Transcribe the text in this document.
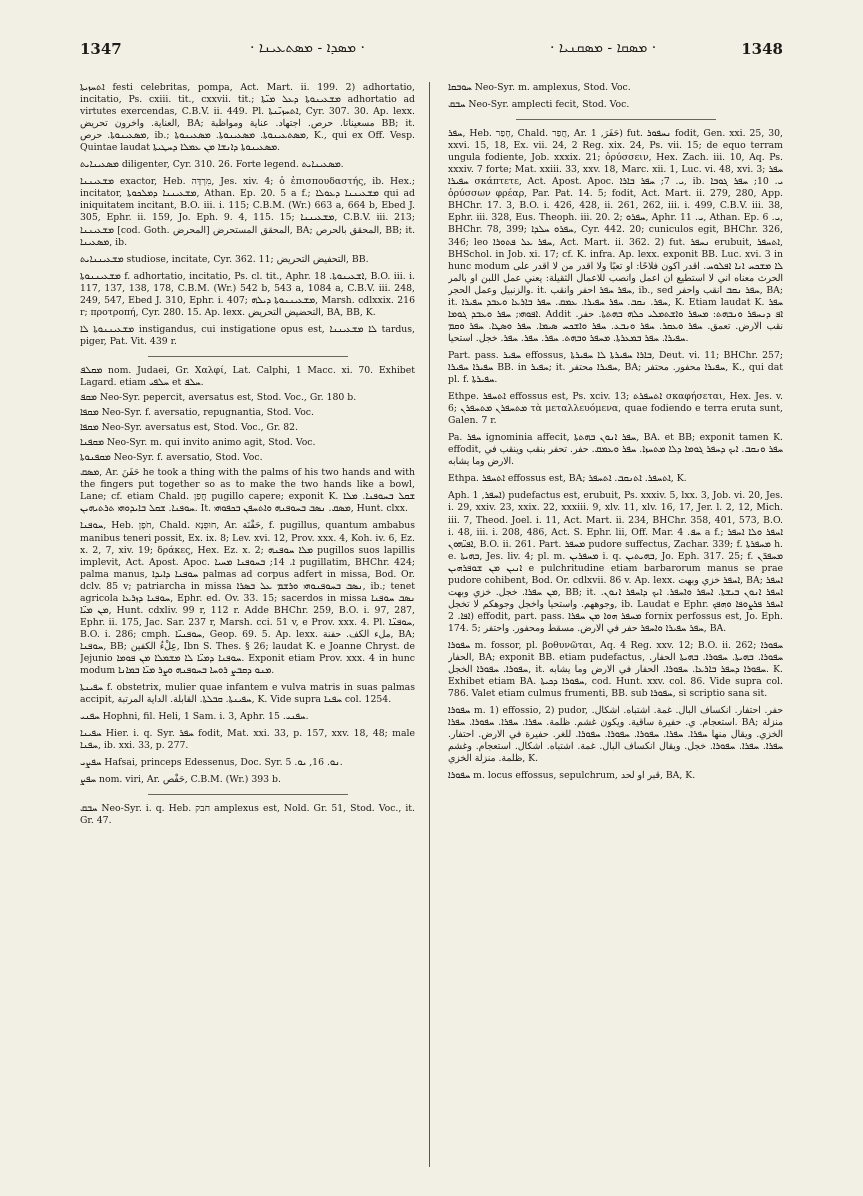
1347	· ܡܣܕܐ - ܡܣܬܥܝܢܐ ·	· ܡܣܩܐ - ܡܣܩܢܝܐ ·	1348

ܐܬܚܙܝܬܐ festi celebritas, pompa, Act. Mart. ii. 199. 2) adhortatio, incitatio, Ps. cxiii. tit., cxxvii. tit.; ܡܫܥܝܢܘܬܐ ܕܥܠ ܡܝ̈ܬܐ adhortatio ad virtutes exercendas, C.B.V. ii. 449. Pl. ܐܬܚܙܝ̈ܢܬܐ, Cyr. 307. 30. Ap. lexx. العناية. واخرون تحريض, BA; مسعيناتا. حرص. اجتهاد. عناية ومواظبة BB; it. ܡܣܥܝܢܘܬܐ. حرص, ib.; ܡܣܬܥܝܢܘܬܐ. ܡܣܥܝܢܘܬܐ. ܡܣܥܝܢܘܬܐ, K., qui ex Off. Vesp. Quintae laudat ܡܣܥܝܢܘܬܐ ܕܐܢܫܐ ܡܢ ܥܡܠܐ ܕܚܛܝܬܐ.

ܡܣܥܝܢܐܝܬ diligenter, Cyr. 310. 26. Forte legend. ܡܣܥܝܢܐܝܬ.

ܡܫܥܝܢܢܐ exactor, Heb. מִרְדָּה, Jes. xiv. 4; ὁ ἐπισπουδαστής, ib. Hex.; incitator, ܡܫܥܝܢܢܐ ܕܡܠܟܘܬܐ, Athan. Ep. 20. 5 a f.; ܡܫܥܝܢܢܐ ܕܥܘܠܐ qui ad iniquitatem incitant, B.O. iii. i. 115; C.B.M. (Wr.) 663 a, 664 b, Ebed J. 305, Ephr. ii. 159, Jo. Eph. 9. 4, 115. 15; ܡܫܥܝܢܢܐ, C.B.V. iii. 213; ܡܫܥܝܢܢܐ [cod. Goth. المحرض] المحقق المستحرض, BA; المحقق بالحرص, BB; it. ܡܣܥܝܢܐ, ib.

ܡܫܥܝܢܢܐܝܬ studiose, incitate, Cyr. 362. 11; التحفيض التحريض, BB.

ܡܫܥܝܢܢܘܬܐ f. adhortatio, incitatio, Ps. cl. tit., Aphr. ܐܫܥܝܢܘܬܐ. 18, B.O. iii. i. 117, 137, 138, 178, C.B.M. (Wr.) 542 b, 543 a, 1084 a, C.B.V. iii. 248, 249, 547, Ebed J. 310, Ephr. i. 407; ܡܫܥܝܢܢܘܬܐ ܕܝܠܗ, Marsh. cdlxxix. 216 r; προτροπή, Cyr. 280. 15. Ap. lexx. التحضيض التحريض, BA, BB, K.

ܡܫܥܝܢܢܘܬܐ ܠܐ instigandus, cui instigatione opus est, ܠܐ ܡܫܥܝܢܢܐ tardus, piger, Pat. Vit. 439 r.

ܡܩܠܦ nom. Judaei, Gr. Χαλφί, Lat. Calphi, 1 Macc. xi. 70. Exhibet Lagard. etiam ܚܠܦܝ et ܚܠܦ.

ܡܩܦ Neo-Syr. pepercit, aversatus est, Stod. Voc., Gr. 180 b.

ܡܩܦܐ Neo-Syr. f. aversatio, repugnantia, Stod. Voc.

ܡܩܦܐ Neo-Syr. aversatus est, Stod. Voc., Gr. 82.

ܡܩܦܢܐ Neo-Syr. m. qui invito animo agit, Stod. Voc.

ܡܩܦܢܘܬܐ Neo-Syr. f. aversatio, Stod. Voc.

ܡܣܩ, Ar. حَفَنَ he took a thing with the palms of his two hands and with the fingers put together so as to make the two hands like a bowl, Lane; cf. etiam Chald. חֲפַן pugillo capere; exponit K. ܫܩܠ ܒܚܘܦܢܐ. ܡܠܐ ܚܘܦܢܐ. ܫܩܠ ܒܐܝܕܘܗܝ ܬܪܬܝܗܝܢ. It. ܡܣܩ. ܢܣܒ ܒܚܘܦܢܗ ܘܐܬܚܦܢ ܒܟܦܘܗܝ, Hunt. clxx.

ܚܘܦܢܐ, Heb. חֹפֶן, Chald. חוּפְנָא, Ar. حَفْنَة, f. pugillus, quantum ambabus manibus teneri possit, Ex. ix. 8; Lev. xvi. 12, Prov. xxx. 4, Koh. iv. 6, Ez. x. 2, 7, xiv. 19; δράκες, Hex. Ez. x. 2; ܡܠܐ ܚܘܦܢܗ pugillos suos lapillis implevit, Act. Apost. Apoc. ܐ. 14; ܒܚܘܦܢܐ ܡܚܝܐ pugillatim, BHChr. 424; palma manus, ܚܘܦܢܐ ܕܐܝܕܐ palmas ad corpus adfert in missa, Bod. Or. dclv. 85 v; patriarcha in missa ܢܣܒ ܒܚܘܦܢܘܗܝ ܘܪܫܡ ܥܠ ܒܣܪܐ, ib.; tenet agricola ܚܘܦܢܐ ܕܙܪܥܐ, Ephr. ed. Ov. 33. 15; sacerdos in missa ܢܣܒ ܚܘܦܢܐ ܡܢ ܡܝ̈ܐ, Hunt. cdxliv. 99 r, 112 r. Adde BHChr. 259, B.O. i. 97, 287, Ephr. ii. 175, Jac. Sar. 237 r, Marsh. cci. 51 v, e Prov. xxx. 4. Pl. ܚܘܦܢ̈ܐ, B.O. i. 286; cmph. ܚܘܦܢܝ̈ܐ, Geop. 69. 5. Ap. lexx. ملء الكف. حفنة, BA; ܚܘܦܢܐ, BB; عِلْءُ الكفين, Ibn S. Thes. § 26; laudat K. e Joanne Chryst. de Jejunio ܚܘܦܢܐ ܕܡܝ̈ܐ ܠܐ ܡܫܡܠܐ ܡܢ ܦܘܡܐ. Exponit etiam Prov. xxx. 4 in hunc modum ܡܢܘ ܕܩܒܨ ܪܘܚܐ ܒܚܘܦܢܗ ܘܨܪ ܡܝ̈ܐ ܒܡܐܢܐ.

ܚܦܝܢܬܐ f. obstetrix, mulier quae infantem e vulva matris in suas palmas accipit, ܚܦܝܢܬܐ. ܩܒܠܬܐ. القابلة. الداية المرتبة, K. Vide supra ܚܦܢܐ col. 1254.

ܚܦܢܝ Hophni, fil. Heli, 1 Sam. i. 3, Aphr. ܚܦܢܝ. 15.

ܚܦܝܢܐ Hier. i. q. Syr. ܚܦܪ fodit, Mat. xxi. 33, p. 157, xxv. 18, 48; male ܚܦܢܐ, ib. xxi. 33, p. 277.

ܚܦܨܝ Hafsai, princeps Edessenus, Doc. Syr. ܢܘ. 16, ܝܘ. 5.

ܚܦܨ nom. viri, Ar. حَفْص, C.B.M. (Wr.) 393 b.

ܚܒܩ Neo-Syr. i. q. Heb. חבק amplexus est, Nold. Gr. 51, Stod. Voc., it. Gr. 47.

ܚܘܒܩܐ Neo-Syr. m. amplexus, Stod. Voc.

ܚܒܩ Neo-Syr. amplecti fecit, Stod. Voc.

ܚܦܪ, Heb. חָפַר, Chald. חֲפַר, Ar. حَفَرَ, 1) fut. ܢܚܦܘܪ fodit, Gen. xxi. 25, 30, xxvi. 15, 18, Ex. vii. 24, 2 Reg. xix. 24, Ps. vii. 15; de equo terram ungula fodiente, Job. xxxix. 21; ὀρύσσειν, Hex. Zach. iii. 10, Aq. Ps. xxxiv. 7 forte; Mat. xxiii. 33, xxv. 18, Marc. xii. 1, Luc. vi. 48, xvi. 3; ܚܦܪ ܚܦܝܪܐ σκάπτετε, Act. Apost. Apoc. ܝ. 7; ܚܦܪ ܒܐܪܐ, ib. ܝ. 10; ܚܦܪ ܓܘܒܐ ὀρύσσων φρέαρ, Par. Pat. 14. 5; fodit, Act. Mart. ii. 279, 280, App. BHChr. 17. 3, B.O. i. 426, 428, ii. 261, 262, iii. i. 499, C.B.V. iii. 38, Ephr. iii. 328, Eus. Theoph. iii. 20. 2; ܚܦܪܘ, Aphr. ܝ. 11, Athan. Ep. ܝ. 6, BHChr. 78, 399; ܚܦܪܘ ܚܠܕܐ, Cyr. 442. 20; cuniculos egit, BHChr. 326, 346; leo ܚܦܪ ܥܠ ܦܬܘܪܐ, Act. Mart. ii. 362. 2) fut. ܢܚܦܪ erubuit, ܐܬܚܦܪ, BHSchol. in Job. xi. 17; cf. K. infra. Ap. lexx. exponit BB. Luc. xvi. 3 in hunc modum ܠܐ ܡܫܟܚ ܐܢܐ ܐܦܠܘܚ. اقدر اكون فلاحًا: او تعبًا ولا اقدر من لا اقدر على الحرث معناه اني لا استطيع ان اعمل وانصب للاعمال الثقيلة: يعني عمل اللبن او بالمر والزنبيل وعمل الحجر. it. ܚܦܪ ܚܦܪ احفر وانقب, ib., sed ܚܦܪ ܢܩܒ انقب واحفر, BA; it. ܚܦܪ. ܢܩܒ. ܚܦܪ ܚܦܝܪܐ. ܥܡܩ. ܚܦܪ ܒܐܪܥܐ ܘܥܒܕ ܚܦܝܪܐ, K. Etiam laudat K. ܚܦܪ ܐܦܘܗܝ; ܚܦܪ ܘܥܒܕ ܓܘܡܐ. Addit ܐܦ ܕܢܚܦܪ ܘܢܒܗܬ: ܡܚܦܪ ܘܐܫܬܡܠܝ ܟܠܗ ܒܗܬܬܐ. حفر. نقب الارض. تعمق. ܚܦܪ ܘܥܩܪ. ܚܦܪ ܘܢܒܥ. ܚܦܪ ܘܐܫܟܚ ܣܝܡܐ. ܚܦܪ ܘܣܛܐ. ܚܦܪ ܘܩܡ ܚܦܝܪܐ. ܚܦܪ ܒܡܥܪܬܐ. ܡܚܦܪ ܘܒܗܬ. ܚܦܪ. ܚܦܪ. ܚܦܪ. خجل. استحيا.

Part. pass. ܚܦܝܪ effossus, ܒܐܪܐ ܚܦܝܪܬܐ ܠܐ ܚܦܝܪܬܐ, Deut. vi. 11; BHChr. 257; ܚܦܝܪܐ ܚܦܝܪܐ BB. in ܚܦܝܪ; it. ܚܦܝܪܐ محتفر, BA; ܚܦܝܪܐ محفور. محتفر, K., qui dat pl. f. ܚܦܝܪܬܐ.

Ethpe. ܐܬܚܦܪ effossus est, Ps. xciv. 13; ܐܬܚܦܪܬ σκαφήσεται, Hex. Jes. v. 6; ܡܬܚܦܪܢ ܡܬܚܦܪܢ τὰ μεταλλευόμενα, quae fodiendo e terra eruta sunt, Galen. 7 r.

Pa. ܚܦܪ ignominia affecit, ܚܦܪ ܐܢܘܢ ܒܗܬܬܐ, BA. et BB; exponit tamen K. effodit, ܚܦܪ ܘܢܩܒ. ܐܝܟ ܕܚܦܪ ܓܘܡܐ ܕܠܐ ܡܬܚܙܐ. ܚܦܪ ܘܥܡܩ. حفر. تحفر بنقب وينقب في الارض وما يشابه.

Ethpa. ܐܬܚܦܪ effossus est, BA; ܐܬܚܦܪ. ܐܬܢܩܒ. ܐܬܚܦܪ, K.

Aph. ܐܚܦܪ, 1) pudefactus est, erubuit, Ps. xxxiv. 5, lxx. 3, Job. vi. 20, Jes. i. 29, xxiv. 23, xxix. 22, xxxiii. 9, xlv. 11, xlv. 16, 17, Jer. l. 2, 12, Mich. iii. 7, Theod. Joel. i. 11, Act. Mart. ii. 234, BHChr. 358, 401, 573, B.O. i. 48, iii. i. 208, 486, Act. S. Ephr. lii, Off. Mar. ܚܦ. 4 a f.; ܐܚܦܪ ܘܠܐ ܐܚܦܪ ܐܦܝ̈ܗܘܢ, B.O. ii. 261. Part. ܡܚܦܪ pudore suffectus, Zachar. 339; f. ܡܚܦܪܬܐ h. e. ܒܗܝܬܐ, Jes. liv. 4; pl. m. ܡܚܦܪܝܢ i. q. ܒܗܝܬܝܢ, Jo. Eph. 317. 25; f. ܡܚܦܪ̈ܢ ܐܢܝܢ ܡܢ ܫܘܦܪܗܝܢ e pulchritudine etiam barbarorum manus se prae pudore cohibent, Bod. Or. cdlxvii. 86 v. Ap. lexx. ܐܚܦܪ خزي وبهت, BA; ܐܚܦܪ ܡܢ ܚܦܪܐ. خجل. خزي وبهت, BB; it. ܐܚܦܪ ܐܢܘܢ ܒܝܫܬܐ. ܐܚܦܪ ܘܐܚܦܪ. ܐܝܟ ܕܐܚܦܪ ܐܢܘܢ. وجوههم. واستحيا واخجل وجوهكم لا تخجل, ib. Laudat e Ephr. ܐܚܦܪ ܦܪܨܘܦܐ ܘܗܦܟ ܐܦܐ. 2) effodit, part. pass. ܡܚܦܪ ܗܘܐ ܡܢ ܚܦܪܐ fornix perfossus est, Jo. Eph. 174. 5; ܚܦܪ ܚܦܝܪܐ ܘܐܚܦܪ حفر في الارض. مسقط ومحفور. واحتفر, BA.

ܚܦܘܪܐ m. fossor, pl. βοθυνῶται, Aq. 4 Reg. xxv. 12; B.O. ii. 262; ܚܦܘܪܐ الحفار, BA; exponit BB. etiam pudefactus, ܚܦܘܪܐ. ܒܗܝܬܐ. ܚܦܘܪܐ. ܒܗܝܬܐ الحفار. ܚܦܘܪܐ. ܚܦܘܪܐ الخجل, it. ܚܦܘܪܐ ܕܚܦܪ ܒܐܪܥܐ. ܚܦܘܪܐ. الحفار في الارض وما يشابه. K. Exhibet etiam BA. ܚܦܘܪܐ ܕܟܝܬܐ, cod. Hunt. xxv. col. 86. Vide supra col. 786. Valet etiam culmus frumenti, BB. sub ܚܦܘܪܐ, si scriptio sana sit.

ܚܦܘܪܐ m. 1) effossio, 2) pudor, حفر. احتفار. انكساف البال. غمة. اشتباه. اشكال. استعجام. ي. حفيرة ساقية. ويكون غشم. ظلمة. ܚܦܪܐ. ܚܦܪܐ. ܚܦܘܪܐ. ܚܦܪܐ. BA; منزلة الخزي. ويقال منها ܚܦܪܐ. ܚܦܪܐ. ܚܦܘܪܐ. ܚܦܘܪܐ. ܚܦܘܪܐ. للغر. حفيرة في الارض. احتفار. ܚܦܪܐ. ܚܦܪܐ. ܚܦܘܪܐ. خجل. ويقال انكساف البال. غمة. اشتباه. اشكال. استعجام. وغشم ظلمة. منزلة الخزي, K.

ܚܦܘܪܐ m. locus effossus, sepulchrum, قبر او لحد, BA, K.
